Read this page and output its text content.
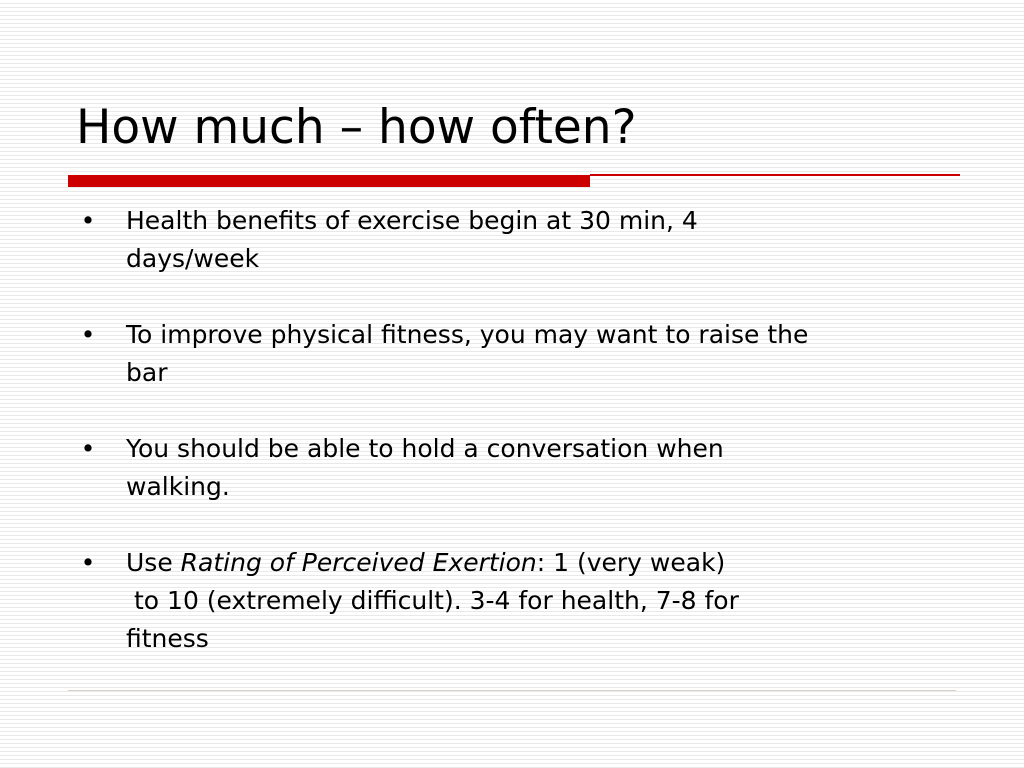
How much – how often?
• Health benefits of exercise begin at 30 min, 4
days/week
• To improve physical fitness, you may want to raise the
bar
• You should be able to hold a conversation when
walking.
• Use Rating of Perceived Exertion: 1 (very weak)
to 10 (extremely difficult). 3-4 for health, 7-8 for
fitness
